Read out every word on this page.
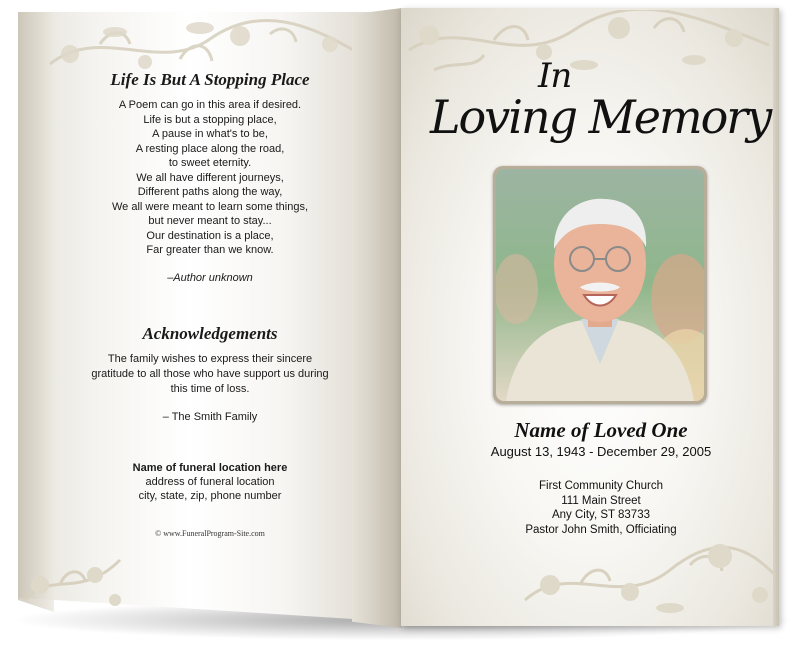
Life Is But A Stopping Place
A Poem can go in this area if desired.
Life is but a stopping place,
A pause in what's to be,
A resting place along the road,
to sweet eternity.
We all have different journeys,
Different paths along the way,
We all were meant to learn some things,
but never meant to stay...
Our destination is a place,
Far greater than we know.
–Author unknown
Acknowledgements
The family wishes to express their sincere
gratitude to all those who have support us during
this time of loss.
– The Smith Family
Name of funeral location here
address of funeral location
city, state, zip, phone number
© www.FuneralProgram-Site.com
In
Loving Memory
Name of Loved One
August 13, 1943 - December 29, 2005
First Community Church
111 Main Street
Any City, ST 83733
Pastor John Smith, Officiating
